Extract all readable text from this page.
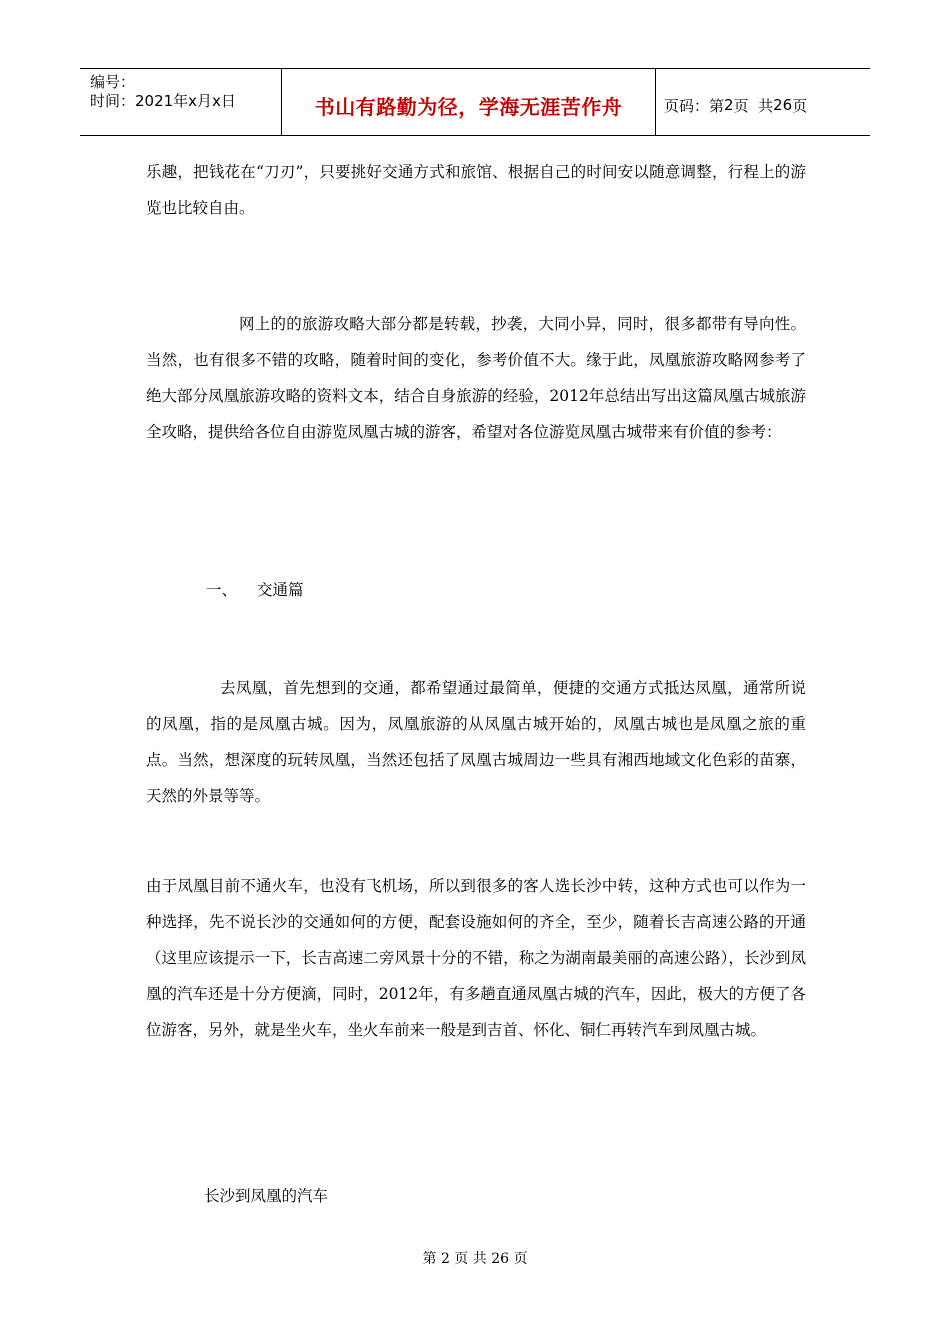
编号：
时间：2021年x月x日	书山有路勤为径，学海无涯苦作舟	页码：第 2 页  共 26 页

乐趣，把钱花在“刀刃”，只要挑好交通方式和旅馆、根据自己的时间安以随意调整，行程上的游览也比较自由。

网上的的旅游攻略大部分都是转载，抄袭，大同小异，同时，很多都带有导向性。当然，也有很多不错的攻略，随着时间的变化，参考价值不大。缘于此，凤凰旅游攻略网参考了绝大部分凤凰旅游攻略的资料文本，结合自身旅游的经验，2012年总结出写出这篇凤凰古城旅游全攻略，提供给各位自由游览凤凰古城的游客，希望对各位游览凤凰古城带来有价值的参考：

一、 交通篇

去凤凰，首先想到的交通，都希望通过最简单，便捷的交通方式抵达凤凰，通常所说的凤凰，指的是凤凰古城。因为，凤凰旅游的从凤凰古城开始的，凤凰古城也是凤凰之旅的重点。当然，想深度的玩转凤凰，当然还包括了凤凰古城周边一些具有湘西地域文化色彩的苗寨，天然的外景等等。

由于凤凰目前不通火车，也没有飞机场，所以到很多的客人选长沙中转，这种方式也可以作为一种选择，先不说长沙的交通如何的方便，配套设施如何的齐全，至少，随着长吉高速公路的开通（这里应该提示一下，长吉高速二旁风景十分的不错，称之为湖南最美丽的高速公路），长沙到凤凰的汽车还是十分方便滴，同时，2012年，有多趟直通凤凰古城的汽车，因此，极大的方便了各位游客，另外，就是坐火车，坐火车前来一般是到吉首、怀化、铜仁再转汽车到凤凰古城。

长沙到凤凰的汽车
第 2 页 共 26 页
